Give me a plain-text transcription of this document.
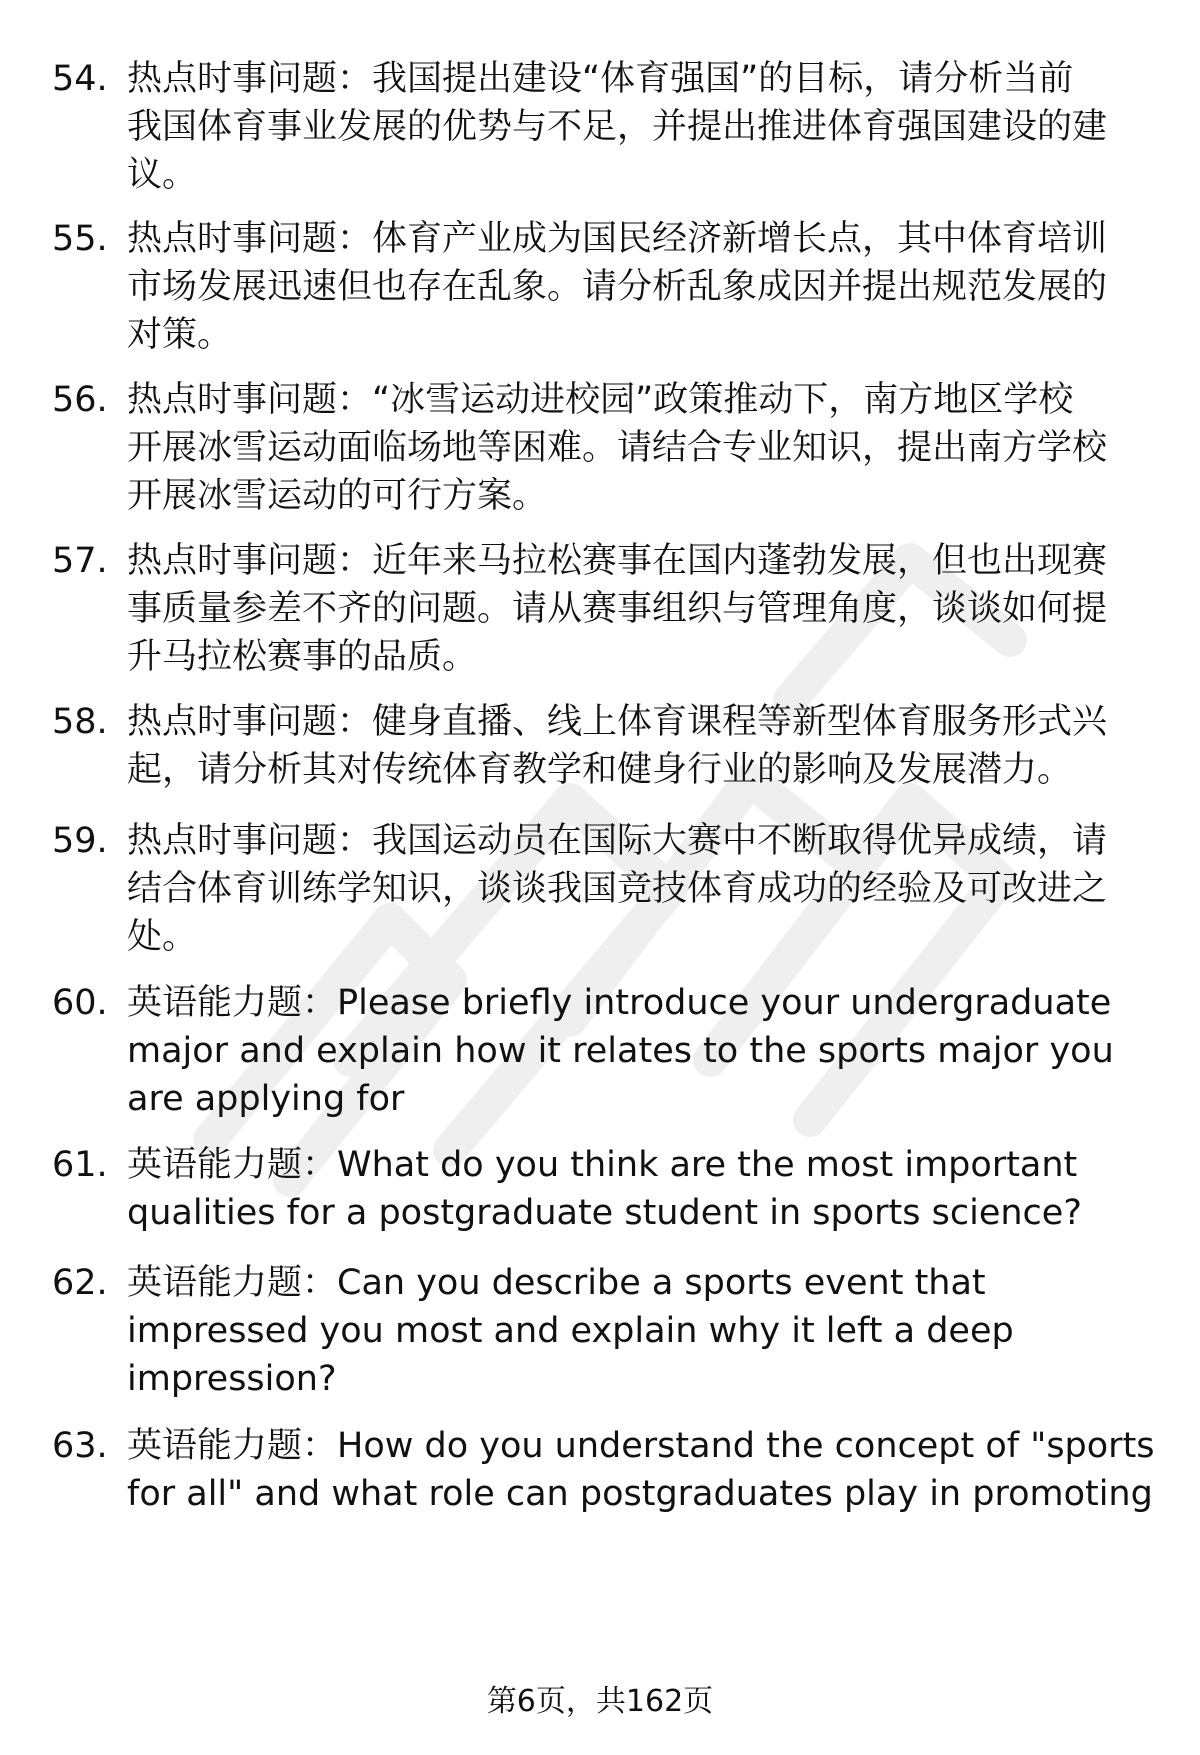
54. 热点时事问题：我国提出建设“体育强国”的目标，请分析当前
我国体育事业发展的优势与不足，并提出推进体育强国建设的建
议。
55. 热点时事问题：体育产业成为国民经济新增长点，其中体育培训
市场发展迅速但也存在乱象。请分析乱象成因并提出规范发展的
对策。
56. 热点时事问题：“冰雪运动进校园”政策推动下，南方地区学校
开展冰雪运动面临场地等困难。请结合专业知识，提出南方学校
开展冰雪运动的可行方案。
57. 热点时事问题：近年来马拉松赛事在国内蓬勃发展，但也出现赛
事质量参差不齐的问题。请从赛事组织与管理角度，谈谈如何提
升马拉松赛事的品质。
58. 热点时事问题：健身直播、线上体育课程等新型体育服务形式兴
起，请分析其对传统体育教学和健身行业的影响及发展潜力。
59. 热点时事问题：我国运动员在国际大赛中不断取得优异成绩，请
结合体育训练学知识，谈谈我国竞技体育成功的经验及可改进之
处。
60. 英语能力题：Please briefly introduce your undergraduate
major and explain how it relates to the sports major you
are applying for
61. 英语能力题：What do you think are the most important
qualities for a postgraduate student in sports science?
62. 英语能力题：Can you describe a sports event that
impressed you most and explain why it left a deep
impression?
63. 英语能力题：How do you understand the concept of "sports
for all" and what role can postgraduates play in promoting
第6页，共162页
